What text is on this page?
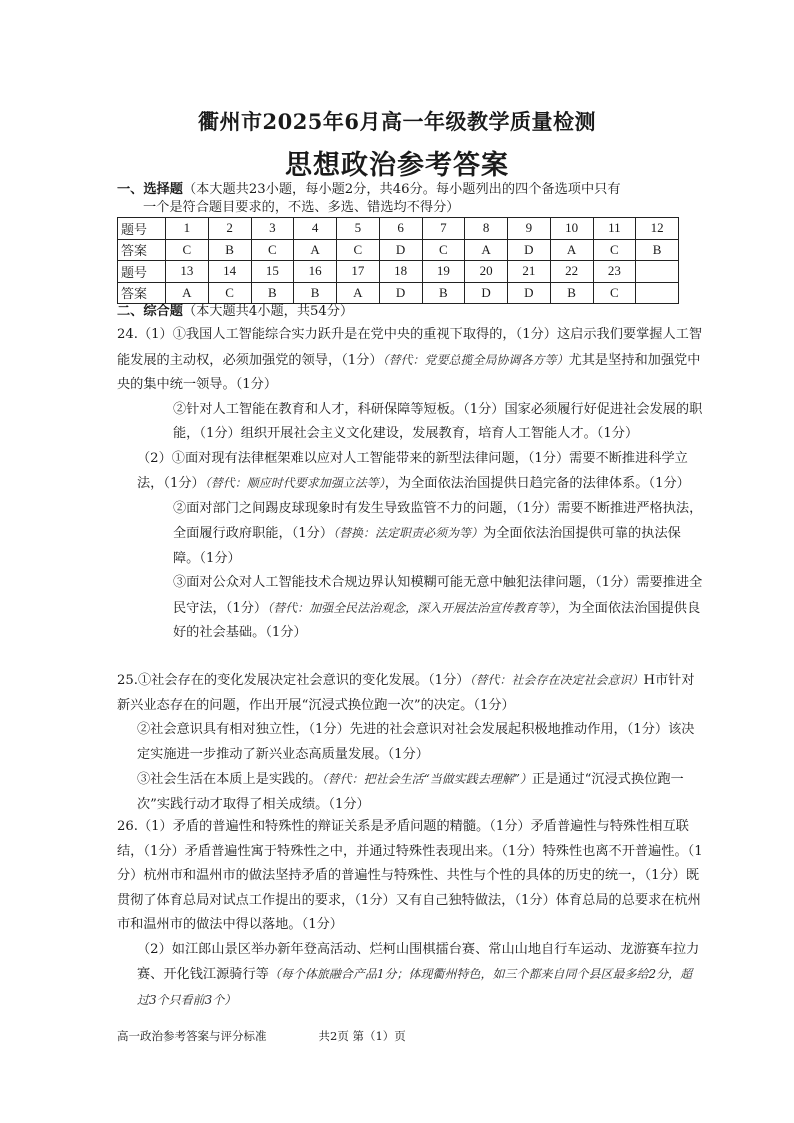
衢州市2025年6月高一年级教学质量检测
思想政治参考答案
一、选择题（本大题共23小题，每小题2分，共46分。每小题列出的四个备选项中只有
一个是符合题目要求的，不选、多选、错选均不得分）
题号	1	2	3	4	5	6	7	8	9	10	11	12
答案	C	B	C	A	C	D	C	A	D	A	C	B
题号	13	14	15	16	17	18	19	20	21	22	23	
答案	A	C	B	B	A	D	B	D	D	B	C	
二、综合题（本大题共4小题，共54分）

24.（1）①我国人工智能综合实力跃升是在党中央的重视下取得的，（1分）这启示我们要掌握人工智能发展的主动权，必须加强党的领导，（1分）（替代：党要总揽全局协调各方等）尤其是坚持和加强党中央的集中统一领导。（1分）

②针对人工智能在教育和人才，科研保障等短板。（1分）国家必须履行好促进社会发展的职能，（1分）组织开展社会主义文化建设，发展教育，培育人工智能人才。（1分）

（2）①面对现有法律框架难以应对人工智能带来的新型法律问题，（1分）需要不断推进科学立法，（1分）（替代：顺应时代要求加强立法等），为全面依法治国提供日趋完备的法律体系。（1分）

②面对部门之间踢皮球现象时有发生导致监管不力的问题，（1分）需要不断推进严格执法，全面履行政府职能，（1分）（替换：法定职责必须为等）为全面依法治国提供可靠的执法保障。（1分）

③面对公众对人工智能技术合规边界认知模糊可能无意中触犯法律问题，（1分）需要推进全民守法，（1分）（替代：加强全民法治观念，深入开展法治宣传教育等），为全面依法治国提供良好的社会基础。（1分）

25.①社会存在的变化发展决定社会意识的变化发展。（1分）（替代：社会存在决定社会意识）H市针对新兴业态存在的问题，作出开展“沉浸式换位跑一次”的决定。（1分）

②社会意识具有相对独立性，（1分）先进的社会意识对社会发展起积极地推动作用，（1分）该决定实施进一步推动了新兴业态高质量发展。（1分）

③社会生活在本质上是实践的。（替代：把社会生活“当做实践去理解”）正是通过“沉浸式换位跑一次”实践行动才取得了相关成绩。（1分）

26.（1）矛盾的普遍性和特殊性的辩证关系是矛盾问题的精髓。（1分）矛盾普遍性与特殊性相互联结，（1分）矛盾普遍性寓于特殊性之中，并通过特殊性表现出来。（1分）特殊性也离不开普遍性。（1分）杭州市和温州市的做法坚持矛盾的普遍性与特殊性、共性与个性的具体的历史的统一，（1分）既贯彻了体育总局对试点工作提出的要求，（1分）又有自己独特做法，（1分）体育总局的总要求在杭州市和温州市的做法中得以落地。（1分）

（2）如江郎山景区举办新年登高活动、烂柯山围棋擂台赛、常山山地自行车运动、龙游赛车拉力赛、开化钱江源骑行等（每个体旅融合产品1分；体现衢州特色，如三个都来自同个县区最多给2分，超过3个只看前3个）

高一政治参考答案与评分标准	共2页 第（1）页
